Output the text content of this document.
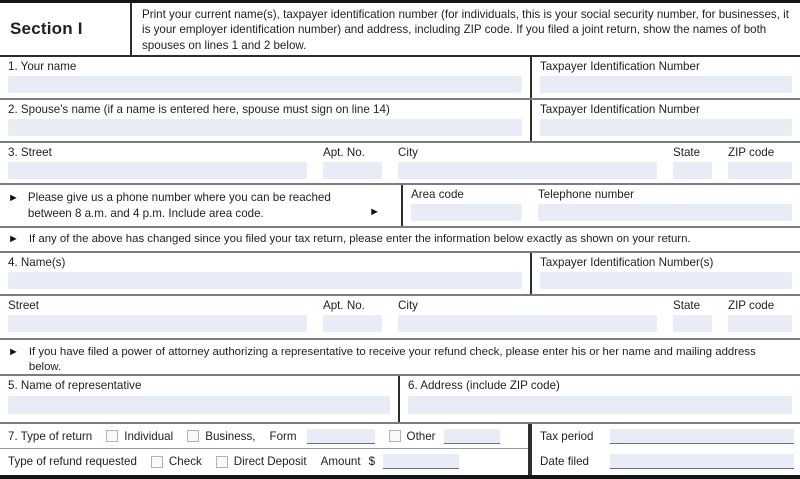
Section I
Print your current name(s), taxpayer identification number (for individuals, this is your social security number, for businesses, it is your employer identification number) and address, including ZIP code. If you filed a joint return, show the names of both spouses on lines 1 and 2 below.
1. Your name	Taxpayer Identification Number
2. Spouse's name (if a name is entered here, spouse must sign on line 14)	Taxpayer Identification Number
3. Street	Apt. No.	City	State	ZIP code
► Please give us a phone number where you can be reached between 8 a.m. and 4 p.m. Include area code.	►
Area code	Telephone number
► If any of the above has changed since you filed your tax return, please enter the information below exactly as shown on your return.
4. Name(s)	Taxpayer Identification Number(s)
Street	Apt. No.	City	State	ZIP code
► If you have filed a power of attorney authorizing a representative to receive your refund check, please enter his or her name and mailing address below.
5. Name of representative	6. Address (include ZIP code)
7. Type of return	Individual	Business, Form	Other
Type of refund requested	Check	Direct Deposit Amount $
Tax period
Date filed
